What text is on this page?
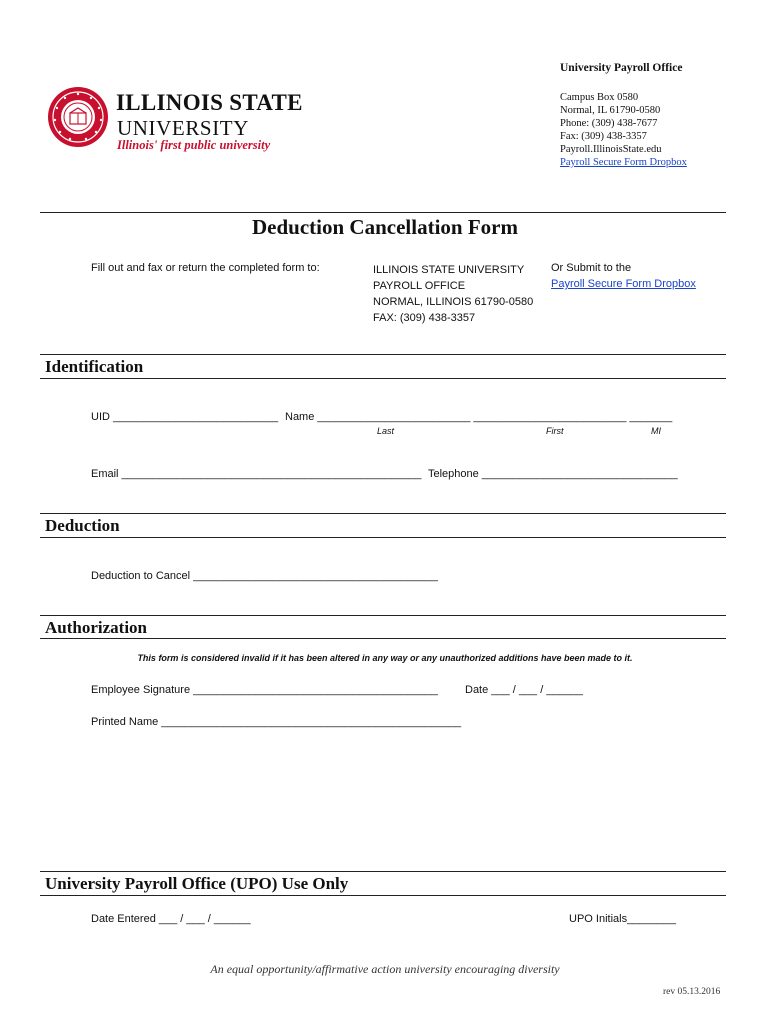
University Payroll Office
Campus Box 0580
Normal, IL 61790-0580
Phone: (309) 438-7677
Fax: (309) 438-3357
Payroll.IllinoisState.edu
Payroll Secure Form Dropbox
ILLINOIS STATE
UNIVERSITY
Illinois' first public university
Deduction Cancellation Form
Fill out and fax or return the completed form to:	ILLINOIS STATE UNIVERSITY
PAYROLL OFFICE
NORMAL, ILLINOIS 61790-0580
FAX: (309) 438-3357
Or Submit to the
Payroll Secure Form Dropbox
Identification
UID ___________________________ Name _________________________ _________________________ _______
Last	First	MI
Email _________________________________________________ Telephone ________________________________
Deduction
Deduction to Cancel ________________________________________
Authorization
This form is considered invalid if it has been altered in any way or any unauthorized additions have been made to it.
Employee Signature ________________________________________ Date ___ / ___ / ______
Printed Name _________________________________________________
University Payroll Office (UPO) Use Only
Date Entered ___ / ___ / ______	UPO Initials________
An equal opportunity/affirmative action university encouraging diversity
rev 05.13.2016
